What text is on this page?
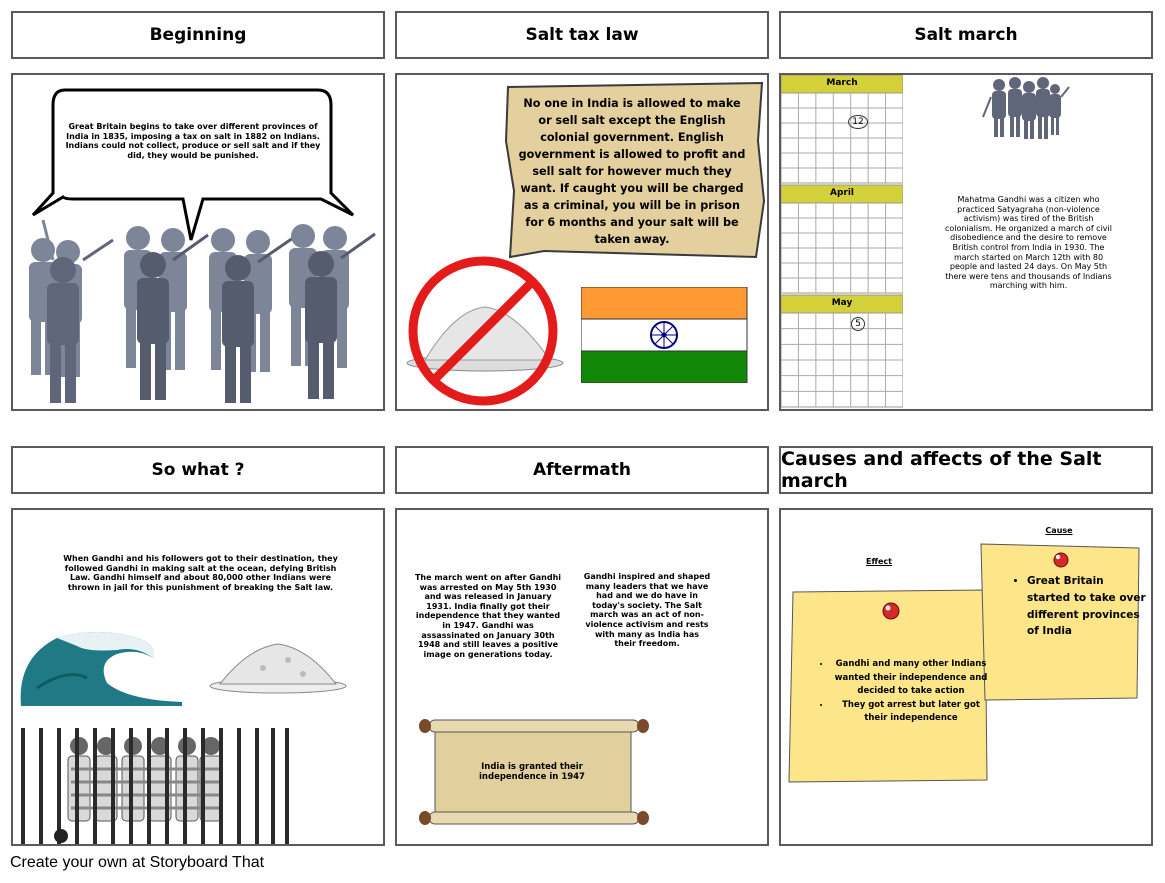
Beginning	Salt tax law	Salt march
So what ?	Aftermath	Causes and affects of the Salt march
Great Britain begins to take over different provinces of India in 1835, imposing a tax on salt in 1882 on Indians. Indians could not collect, produce or sell salt and if they did, they would be punished.
No one in India is allowed to make or sell salt except the English colonial government. English government is allowed to profit and sell salt for however much they want. If caught you will be charged as a criminal, you will be in prison for 6 months and your salt will be taken away.
March
April
May
12
5
Mahatma Gandhi was a citizen who practiced Satyagraha (non-violence activism) was tired of the British colonialism. He organized a march of civil disobedience and the desire to remove British control from India in 1930. The march started on March 12th with 80 people and lasted 24 days. On May 5th there were tens and thousands of Indians marching with him.
When Gandhi and his followers got to their destination, they followed Gandhi in making salt at the ocean, defying British Law. Gandhi himself and about 80,000 other Indians were thrown in jail for this punishment of breaking the Salt law.
The march went on after Gandhi was arrested on May 5th 1930 and was released in January 1931. India finally got their independence that they wanted in 1947. Gandhi was assassinated on January 30th 1948 and still leaves a positive image on generations today.
Gandhi inspired and shaped many leaders that we have had and we do have in today's society. The Salt march was an act of non-violence activism and rests with many as India has their freedom.
India is granted their independence in 1947
Effect
Cause
• Gandhi and many other Indians wanted their independence and decided to take action
• They got arrest but later got their independence
• Great Britain started to take over different provinces of India
Create your own at Storyboard That
